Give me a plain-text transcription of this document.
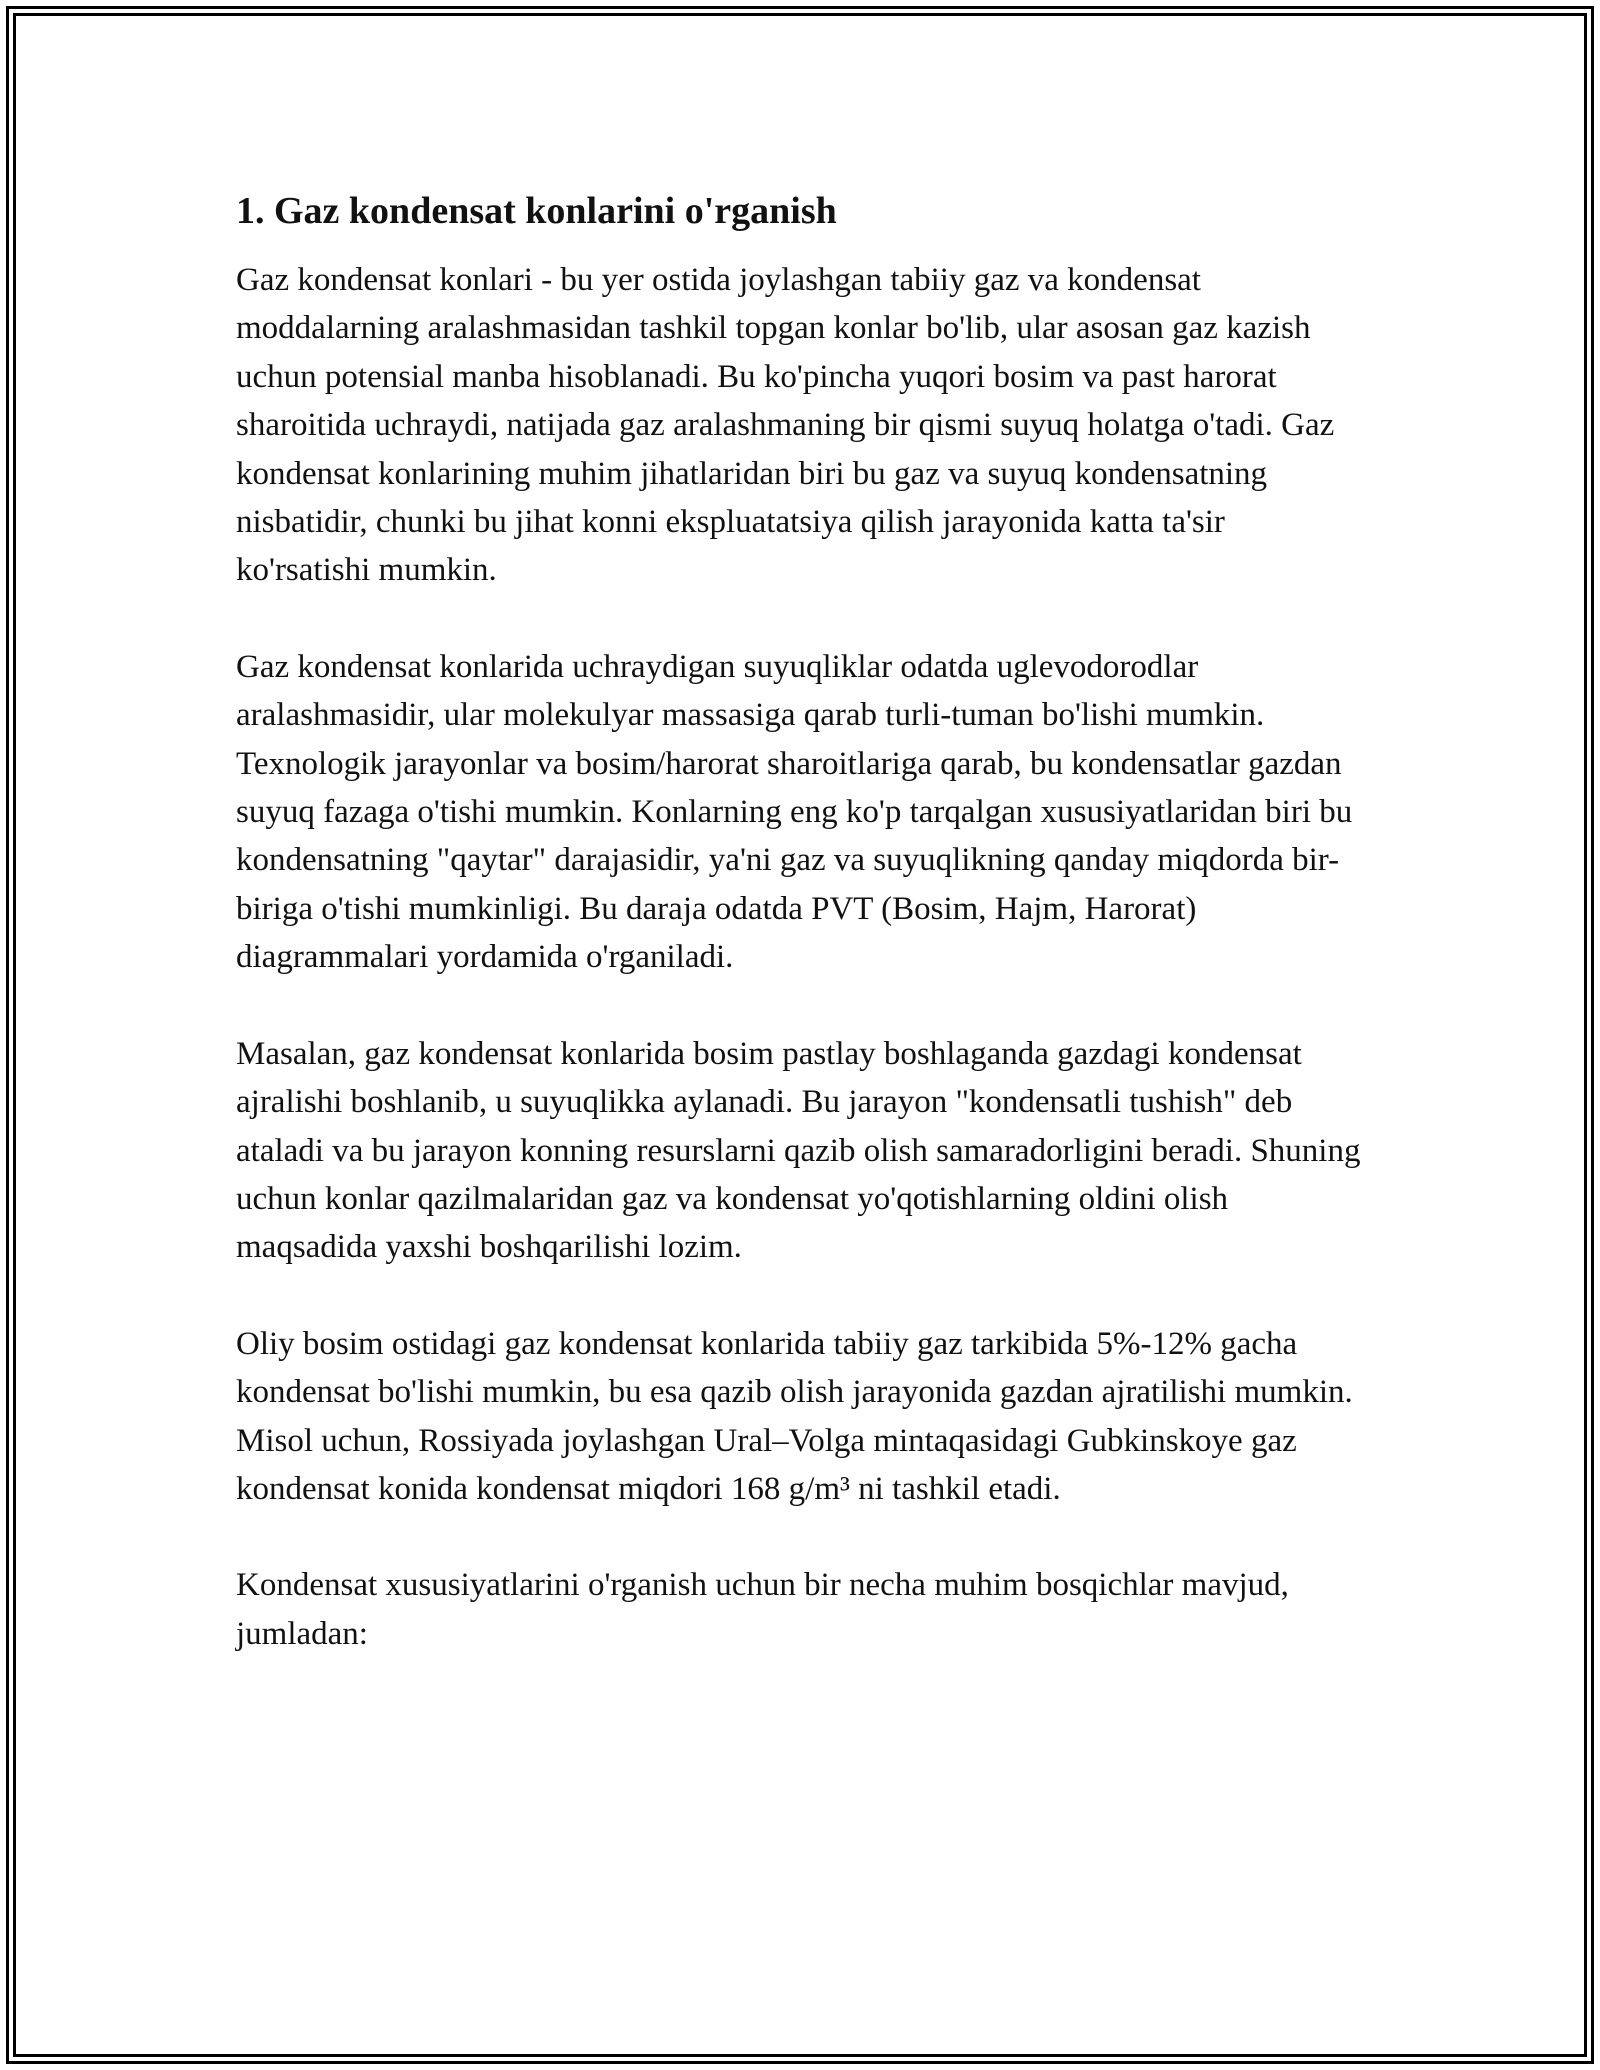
1. Gaz kondensat konlarini o'rganish

Gaz kondensat konlari - bu yer ostida joylashgan tabiiy gaz va kondensat moddalarning aralashmasidan tashkil topgan konlar bo'lib, ular asosan gaz kazish uchun potensial manba hisoblanadi. Bu ko'pincha yuqori bosim va past harorat sharoitida uchraydi, natijada gaz aralashmaning bir qismi suyuq holatga o'tadi. Gaz kondensat konlarining muhim jihatlaridan biri bu gaz va suyuq kondensatning nisbatidir, chunki bu jihat konni ekspluatatsiya qilish jarayonida katta ta'sir ko'rsatishi mumkin.

Gaz kondensat konlarida uchraydigan suyuqliklar odatda uglevodorodlar aralashmasidir, ular molekulyar massasiga qarab turli-tuman bo'lishi mumkin. Texnologik jarayonlar va bosim/harorat sharoitlariga qarab, bu kondensatlar gazdan suyuq fazaga o'tishi mumkin. Konlarning eng ko'p tarqalgan xususiyatlaridan biri bu kondensatning "qaytar" darajasidir, ya'ni gaz va suyuqlikning qanday miqdorda bir-biriga o'tishi mumkinligi. Bu daraja odatda PVT (Bosim, Hajm, Harorat) diagrammalari yordamida o'rganiladi.

Masalan, gaz kondensat konlarida bosim pastlay boshlaganda gazdagi kondensat ajralishi boshlanib, u suyuqlikka aylanadi. Bu jarayon "kondensatli tushish" deb ataladi va bu jarayon konning resurslarni qazib olish samaradorligini beradi. Shuning uchun konlar qazilmalaridan gaz va kondensat yo'qotishlarning oldini olish maqsadida yaxshi boshqarilishi lozim.

Oliy bosim ostidagi gaz kondensat konlarida tabiiy gaz tarkibida 5%-12% gacha kondensat bo'lishi mumkin, bu esa qazib olish jarayonida gazdan ajratilishi mumkin. Misol uchun, Rossiyada joylashgan Ural–Volga mintaqasidagi Gubkinskoye gaz kondensat konida kondensat miqdori 168 g/m³ ni tashkil etadi.

Kondensat xususiyatlarini o'rganish uchun bir necha muhim bosqichlar mavjud, jumladan:
